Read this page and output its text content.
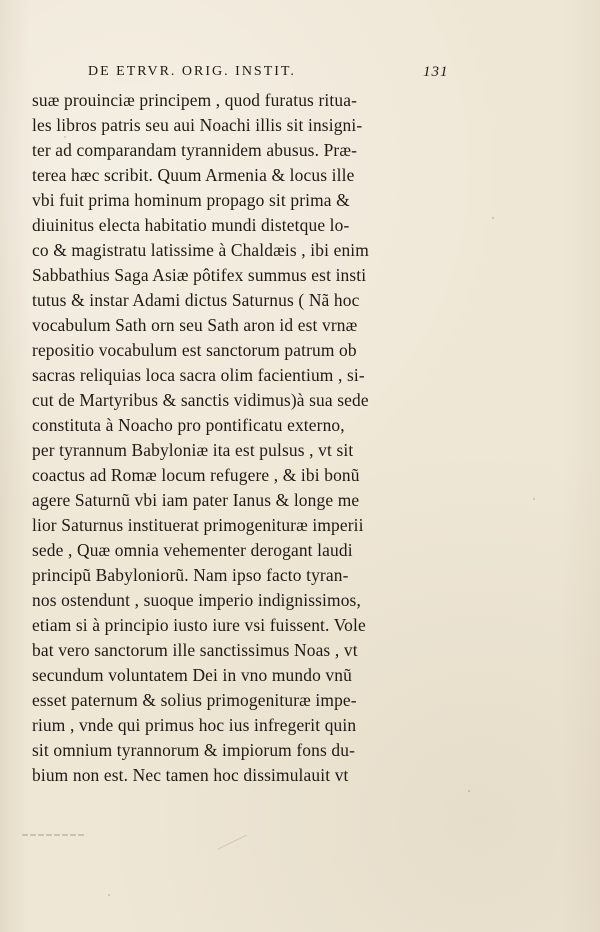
DE ETRVR. ORIG. INSTIT.	131
suæ prouinciæ principem , quod furatus ritua-
les libros patris seu aui Noachi illis sit insigni-
ter ad comparandam tyrannidem abusus. Præ-
terea hæc scribit. Quum Armenia & locus ille
vbi fuit prima hominum propago sit prima &
diuinitus electa habitatio mundi distetque lo-
co & magistratu latissime à Chaldæis , ibi enim
Sabbathius Saga Asiæ pôtifex summus est insti
tutus & instar Adami dictus Saturnus ( Nã hoc
vocabulum Sath orn seu Sath aron id est vrnæ
repositio vocabulum est sanctorum patrum ob
sacras reliquias loca sacra olim facientium , si-
cut de Martyribus & sanctis vidimus)à sua sede
constituta à Noacho pro pontificatu externo,
per tyrannum Babyloniæ ita est pulsus , vt sit
coactus ad Romæ locum refugere , & ibi bonũ
agere Saturnũ vbi iam pater Ianus & longe me
lior Saturnus instituerat primogenituræ imperii
sede , Quæ omnia vehementer derogant laudi
principũ Babyloniorũ. Nam ipso facto tyran-
nos ostendunt , suoque imperio indignissimos,
etiam si à principio iusto iure vsi fuissent. Vole
bat vero sanctorum ille sanctissimus Noas , vt
secundum voluntatem Dei in vno mundo vnũ
esset paternum & solius primogenituræ impe-
rium , vnde qui primus hoc ius infregerit quin
sit omnium tyrannorum & impiorum fons du-
bium non est. Nec tamen hoc dissimulauit vt
